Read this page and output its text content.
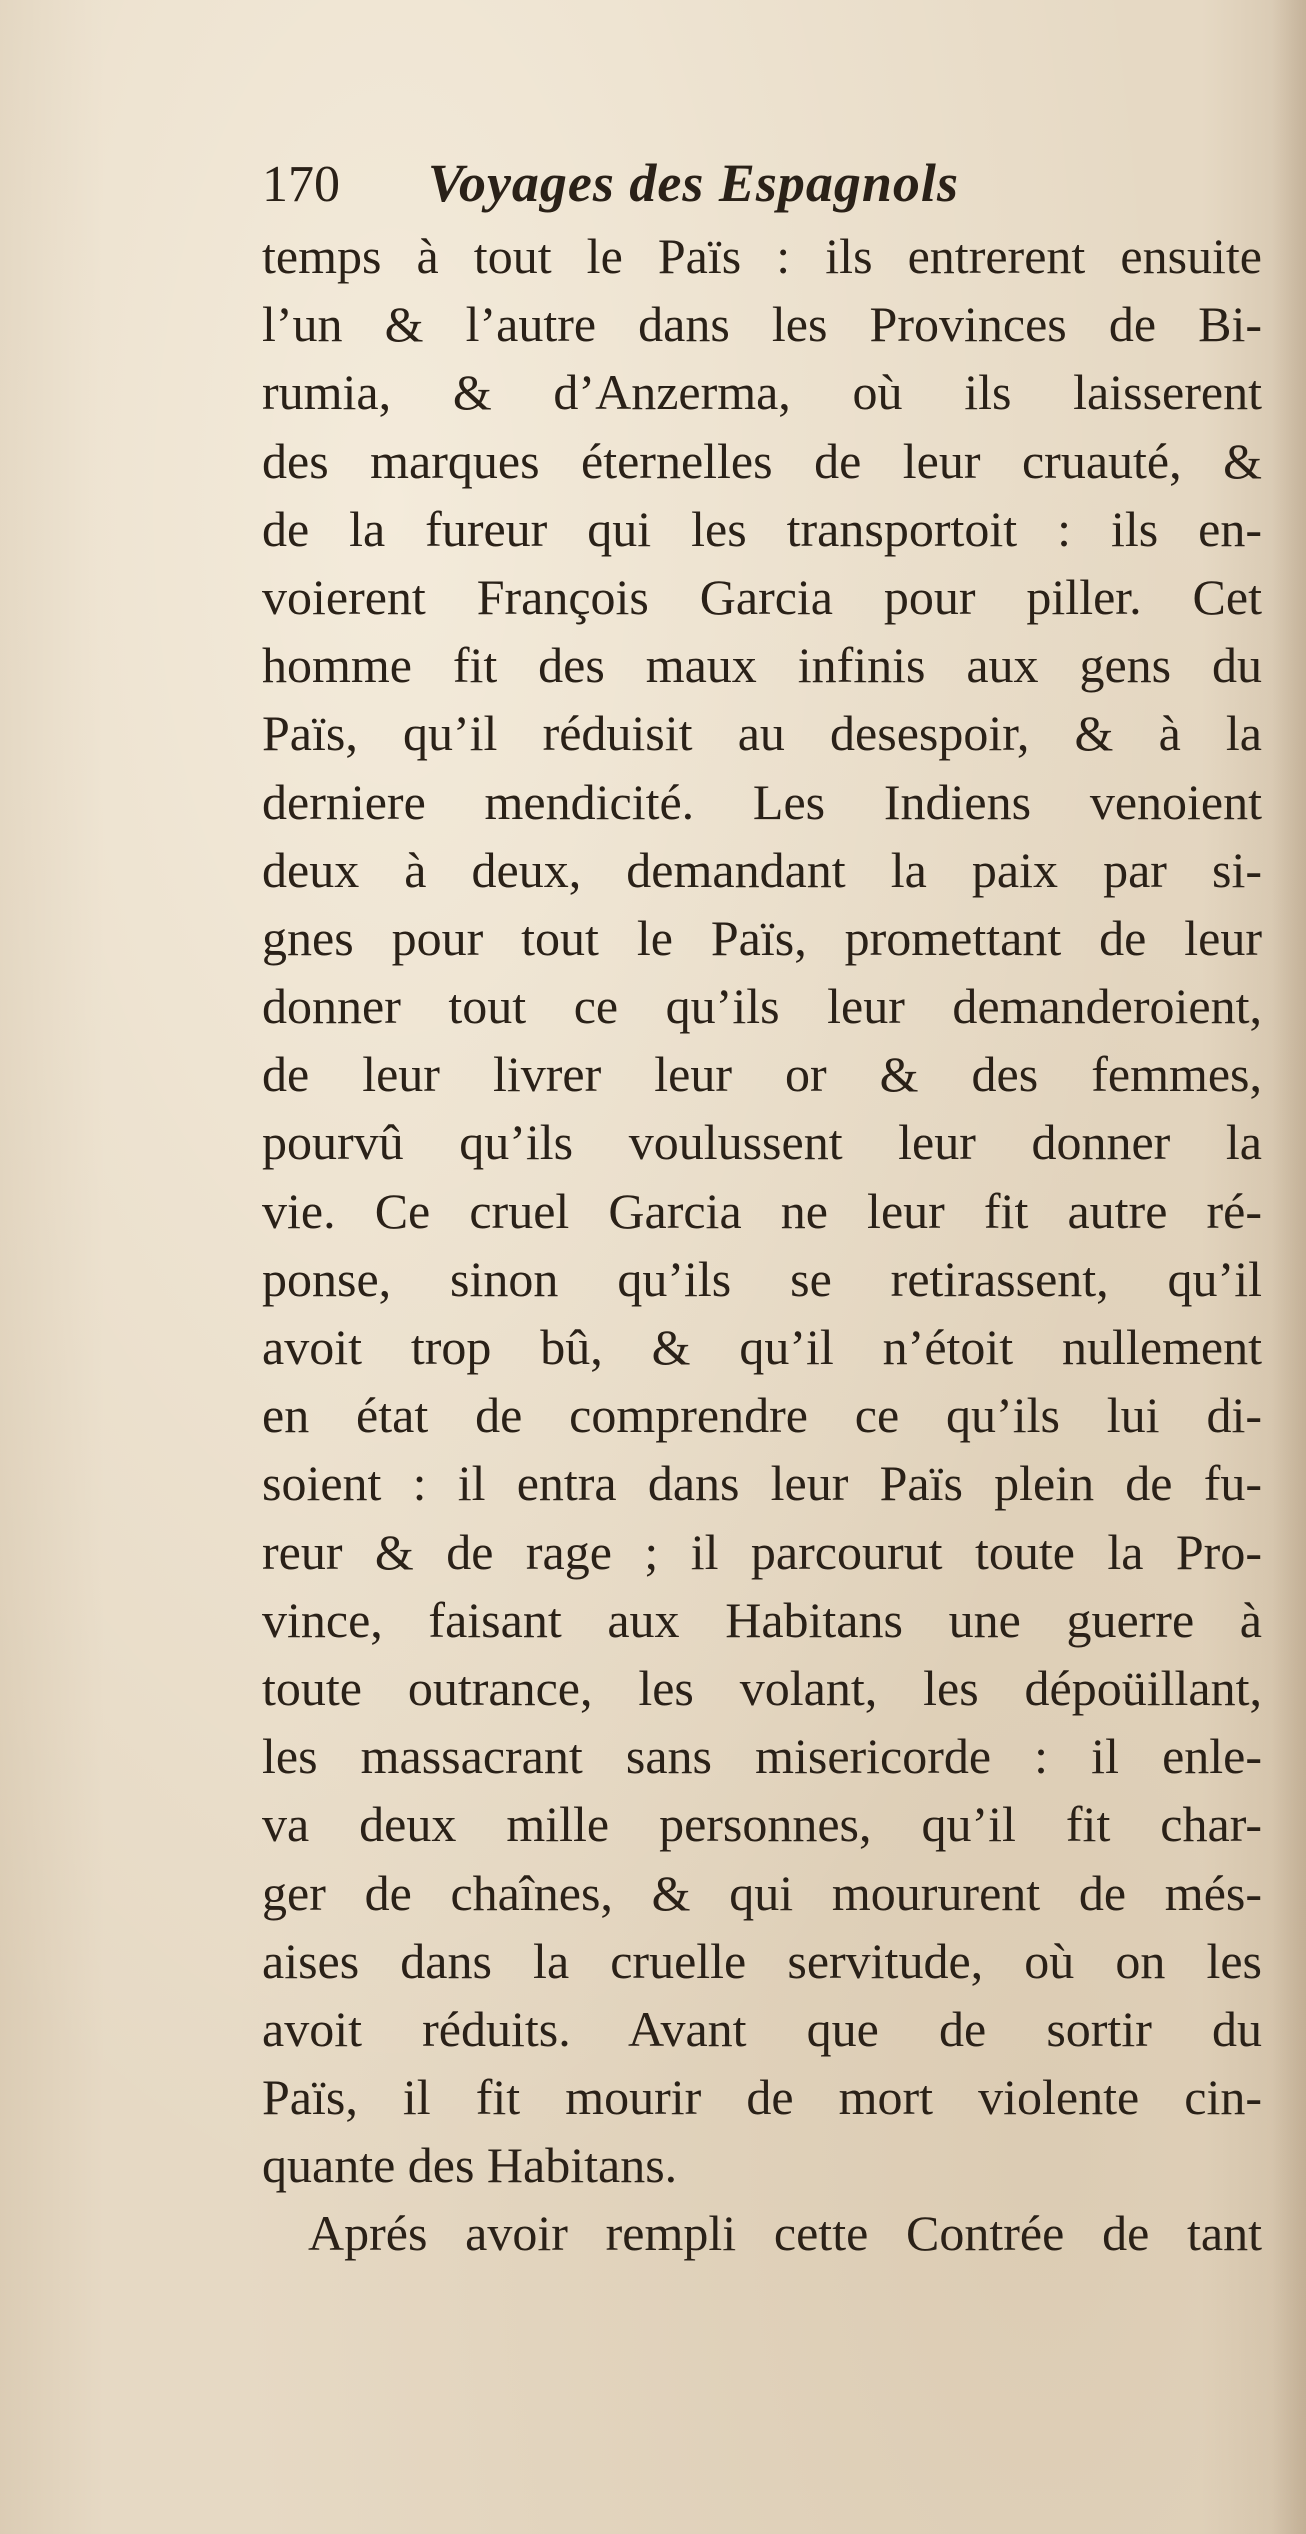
170 Voyages des Espagnols
temps à tout le Païs : ils entrerent ensuite
l’un & l’autre dans les Provinces de Bi-
rumia, & d’Anzerma, où ils laisserent
des marques éternelles de leur cruauté, &
de la fureur qui les transportoit : ils en-
voierent François Garcia pour piller. Cet
homme fit des maux infinis aux gens du
Païs, qu’il réduisit au desespoir, & à la
derniere mendicité. Les Indiens venoient
deux à deux, demandant la paix par si-
gnes pour tout le Païs, promettant de leur
donner tout ce qu’ils leur demanderoient,
de leur livrer leur or & des femmes,
pourvû qu’ils voulussent leur donner la
vie. Ce cruel Garcia ne leur fit autre ré-
ponse, sinon qu’ils se retirassent, qu’il
avoit trop bû, & qu’il n’étoit nullement
en état de comprendre ce qu’ils lui di-
soient : il entra dans leur Païs plein de fu-
reur & de rage ; il parcourut toute la Pro-
vince, faisant aux Habitans une guerre à
toute outrance, les volant, les dépoüillant,
les massacrant sans misericorde : il enle-
va deux mille personnes, qu’il fit char-
ger de chaînes, & qui moururent de més-
aises dans la cruelle servitude, où on les
avoit réduits. Avant que de sortir du
Païs, il fit mourir de mort violente cin-
quante des Habitans.
Aprés avoir rempli cette Contrée de tant
